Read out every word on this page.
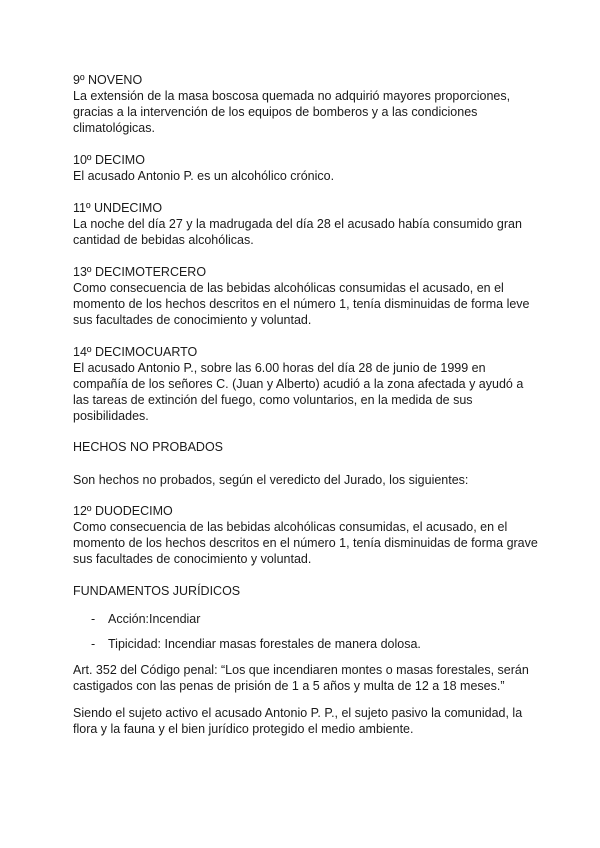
9º NOVENO

La extensión de la masa boscosa quemada no adquirió mayores proporciones,

gracias a la intervención de los equipos de bomberos y a las condiciones

climatológicas.

10º DECIMO

El acusado Antonio P. es un alcohólico crónico.

11º UNDECIMO

La noche del día 27 y la madrugada del día 28 el acusado había consumido gran

cantidad de bebidas alcohólicas.

13º DECIMOTERCERO

Como consecuencia de las bebidas alcohólicas consumidas el acusado, en el

momento de los hechos descritos en el número 1, tenía disminuidas de forma leve

sus facultades de conocimiento y voluntad.

14º DECIMOCUARTO

El acusado Antonio P., sobre las 6.00 horas del día 28 de junio de 1999 en

compañía de los señores C. (Juan y Alberto) acudió a la zona afectada y ayudó a

las tareas de extinción del fuego, como voluntarios, en la medida de sus

posibilidades.

HECHOS NO PROBADOS

Son hechos no probados, según el veredicto del Jurado, los siguientes:

12º DUODECIMO

Como consecuencia de las bebidas alcohólicas consumidas, el acusado, en el

momento de los hechos descritos en el número 1, tenía disminuidas de forma grave

sus facultades de conocimiento y voluntad.

FUNDAMENTOS JURÍDICOS

-	Acción:Incendiar
-	Tipicidad: Incendiar masas forestales de manera dolosa.

Art. 352 del Código penal: “Los que incendiaren montes o masas forestales, serán

castigados con las penas de prisión de 1 a 5 años y multa de 12 a 18 meses.”

Siendo el sujeto activo el acusado Antonio P. P., el sujeto pasivo la comunidad, la

flora y la fauna y el bien jurídico protegido el medio ambiente.
